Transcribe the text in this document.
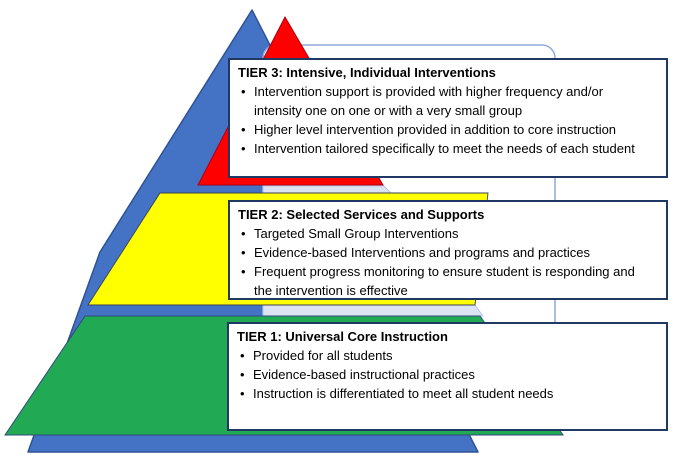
TIER 3: Intensive, Individual Interventions
• Intervention support is provided with higher frequency and/or intensity one on one or with a very small group
• Higher level intervention provided in addition to core instruction
• Intervention tailored specifically to meet the needs of each student
TIER 2: Selected Services and Supports
• Targeted Small Group Interventions
• Evidence-based Interventions and programs and practices
• Frequent progress monitoring to ensure student is responding and the intervention is effective
TIER 1: Universal Core Instruction
• Provided for all students
• Evidence-based instructional practices
• Instruction is differentiated to meet all student needs
